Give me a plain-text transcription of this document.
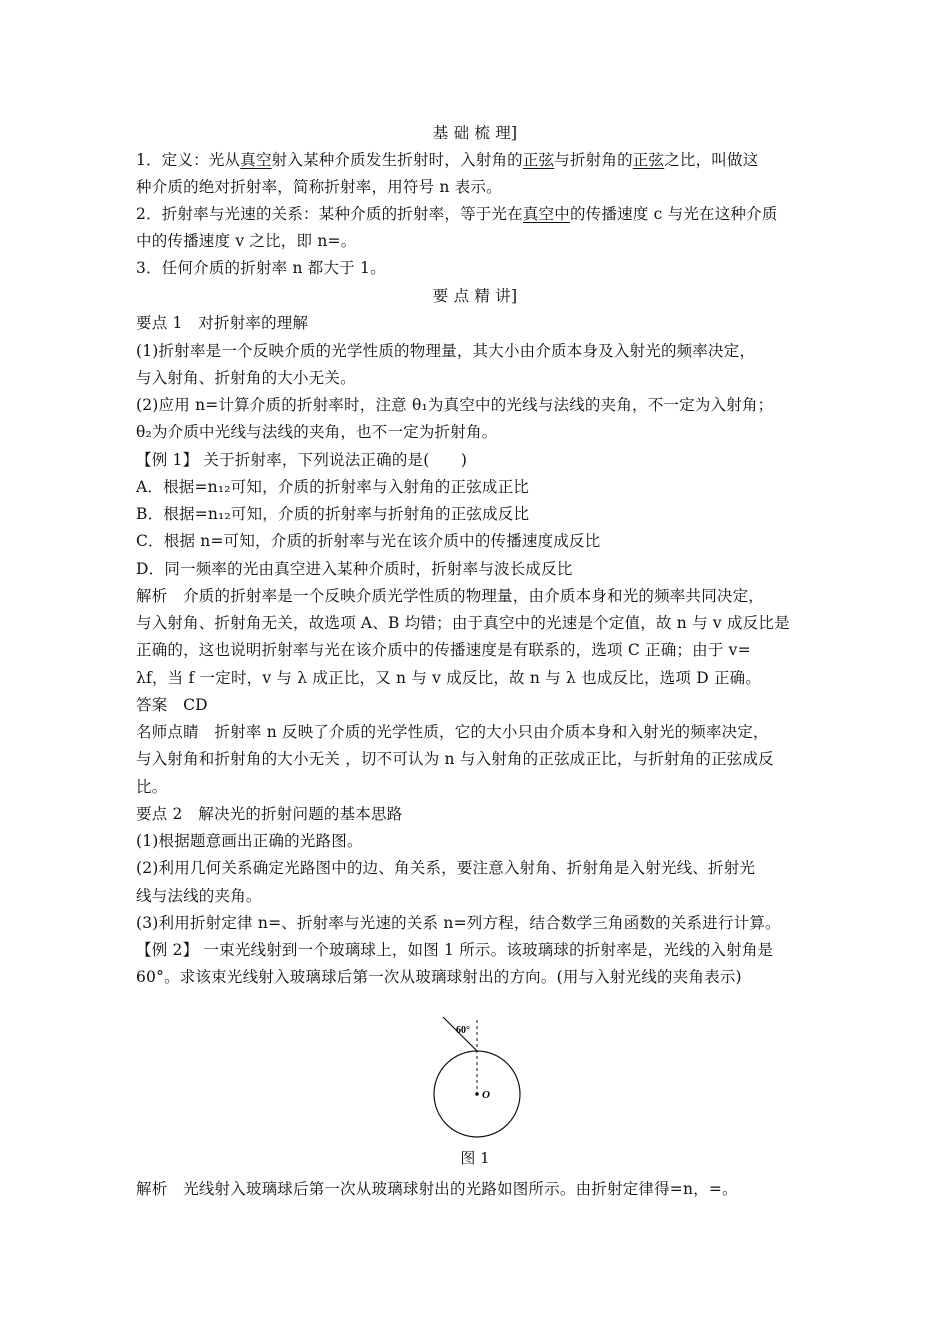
基 础 梳 理]
1．定义：光从真空射入某种介质发生折射时，入射角的正弦与折射角的正弦之比，叫做这
种介质的绝对折射率，简称折射率，用符号 n 表示。
2．折射率与光速的关系：某种介质的折射率，等于光在真空中的传播速度 c 与光在这种介质
中的传播速度 v 之比，即 n=。
3．任何介质的折射率 n 都大于 1。
要 点 精 讲]
要点 1　对折射率的理解
(1)折射率是一个反映介质的光学性质的物理量，其大小由介质本身及入射光的频率决定，
与入射角、折射角的大小无关。
(2)应用 n=计算介质的折射率时，注意 θ₁为真空中的光线与法线的夹角，不一定为入射角；
θ₂为介质中光线与法线的夹角，也不一定为折射角。
【例 1】 关于折射率，下列说法正确的是(　　)
A．根据=n₁₂可知，介质的折射率与入射角的正弦成正比
B．根据=n₁₂可知，介质的折射率与折射角的正弦成反比
C．根据 n=可知，介质的折射率与光在该介质中的传播速度成反比
D．同一频率的光由真空进入某种介质时，折射率与波长成反比
解析　介质的折射率是一个反映介质光学性质的物理量，由介质本身和光的频率共同决定，
与入射角、折射角无关，故选项 A、B 均错；由于真空中的光速是个定值，故 n 与 v 成反比是
正确的，这也说明折射率与光在该介质中的传播速度是有联系的，选项 C 正确；由于 v=
λf，当 f 一定时，v 与 λ 成正比，又 n 与 v 成反比，故 n 与 λ 也成反比，选项 D 正确。
答案　CD
名师点睛　折射率 n 反映了介质的光学性质，它的大小只由介质本身和入射光的频率决定，
与入射角和折射角的大小无关 ，切不可认为 n 与入射角的正弦成正比，与折射角的正弦成反
比。
要点 2　解决光的折射问题的基本思路
(1)根据题意画出正确的光路图。
(2)利用几何关系确定光路图中的边、角关系，要注意入射角、折射角是入射光线、折射光
线与法线的夹角。
(3)利用折射定律 n=、折射率与光速的关系 n=列方程，结合数学三角函数的关系进行计算。
【例 2】 一束光线射到一个玻璃球上，如图 1 所示。该玻璃球的折射率是，光线的入射角是
60°。求该束光线射入玻璃球后第一次从玻璃球射出的方向。(用与入射光线的夹角表示)
60°
O
图 1
解析　光线射入玻璃球后第一次从玻璃球射出的光路如图所示。由折射定律得=n，=。
